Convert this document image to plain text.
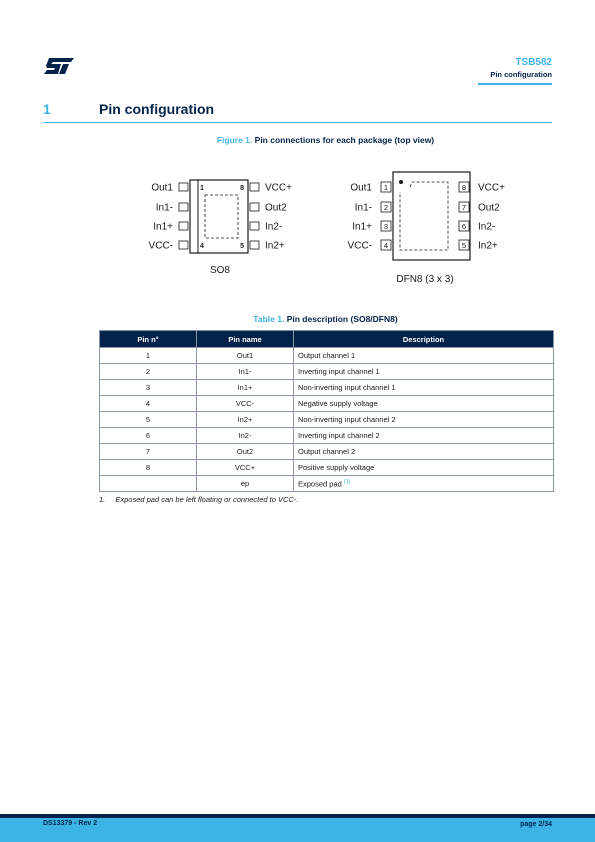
TSB582
Pin configuration
1	Pin configuration
Figure 1. Pin connections for each package (top view)
Out1	1
In1-
In1+
VCC-	4
VCC+
8
Out2
In2-
In2+
5
SO8
1
Out1
2
In1-
3
In1+
4
VCC-
8 VCC+
7 Out2
6 In2-
5 In2+
DFN8 (3 x 3)
Table 1. Pin description (SO8/DFN8)
Pin n°	Pin name	Description
1	Out1	Output channel 1
2	In1-	Inverting input channel 1
3	In1+	Non-inverting input channel 1
4	VCC-	Negative supply voltage
5	In2+	Non-inverting input channel 2
6	In2-	Inverting input channel 2
7	Out2	Output channel 2
8	VCC+	Positive supply voltage
	ep	Exposed pad $^{(1)}$
1. Exposed pad can be left floating or connected to VCC-.
DS13379 - Rev 2	page 2/34
